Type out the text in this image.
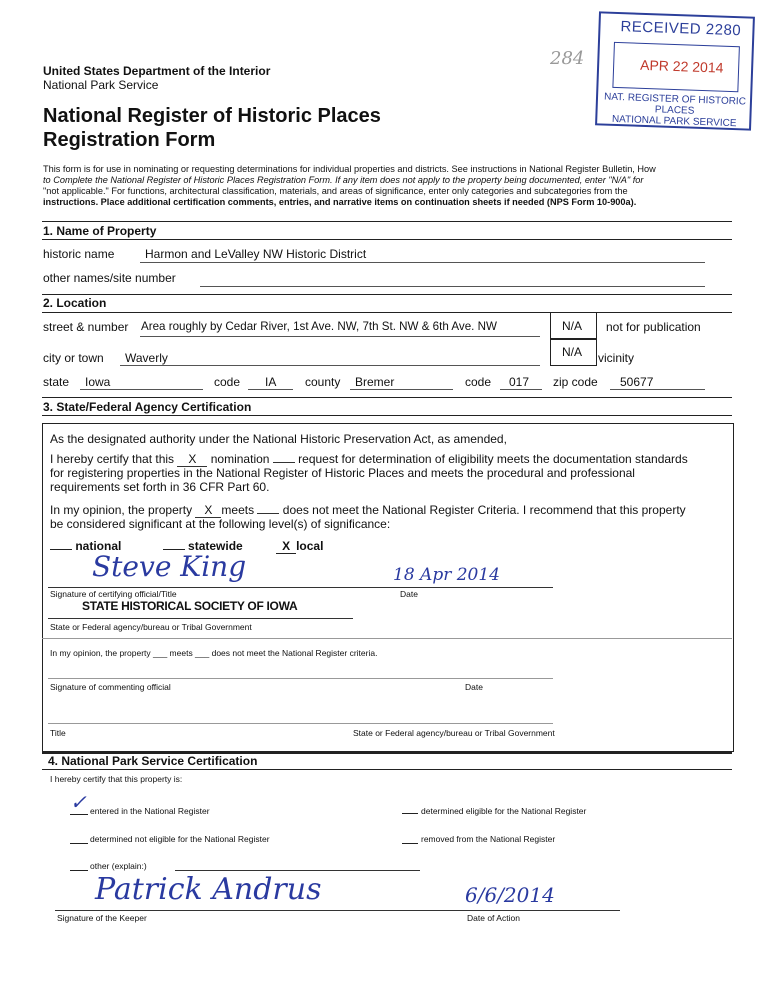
United States Department of the Interior
National Park Service
National Register of Historic Places
Registration Form
This form is for use in nominating or requesting determinations for individual properties and districts. See instructions in National Register Bulletin, How
to Complete the National Register of Historic Places Registration Form. If any item does not apply to the property being documented, enter "N/A" for
"not applicable." For functions, architectural classification, materials, and areas of significance, enter only categories and subcategories from the
instructions. Place additional certification comments, entries, and narrative items on continuation sheets if needed (NPS Form 10-900a).
RECEIVED 2280
APR 22 2014
NAT. REGISTER OF HISTORIC PLACES
NATIONAL PARK SERVICE
284
1. Name of Property
historic name	Harmon and LeValley NW Historic District
other names/site number
2. Location
street & number Area roughly by Cedar River, 1st Ave. NW, 7th St. NW & 6th Ave. NW	N/A not for publication
city or town Waverly	N/A vicinity
state Iowa	code IA county Bremer	code 017 zip code 50677
3. State/Federal Agency Certification
As the designated authority under the National Historic Preservation Act, as amended,
I hereby certify that this X nomination request for determination of eligibility meets the documentation standards
for registering properties in the National Register of Historic Places and meets the procedural and professional
requirements set forth in 36 CFR Part 60.
In my opinion, the property X meets does not meet the National Register Criteria. I recommend that this property
be considered significant at the following level(s) of significance:
national	statewide	X local
Steve King	18 Apr 2014
Signature of certifying official/Title	Date
STATE HISTORICAL SOCIETY OF IOWA
State or Federal agency/bureau or Tribal Government
In my opinion, the property ___ meets ___ does not meet the National Register criteria.
Signature of commenting official	Date
Title	State or Federal agency/bureau or Tribal Government
4. National Park Service Certification
I hereby certify that this property is:
✓ entered in the National Register	determined eligible for the National Register
determined not eligible for the National Register	removed from the National Register
other (explain:)
Patrick Andrus	6/6/2014
Signature of the Keeper	Date of Action
